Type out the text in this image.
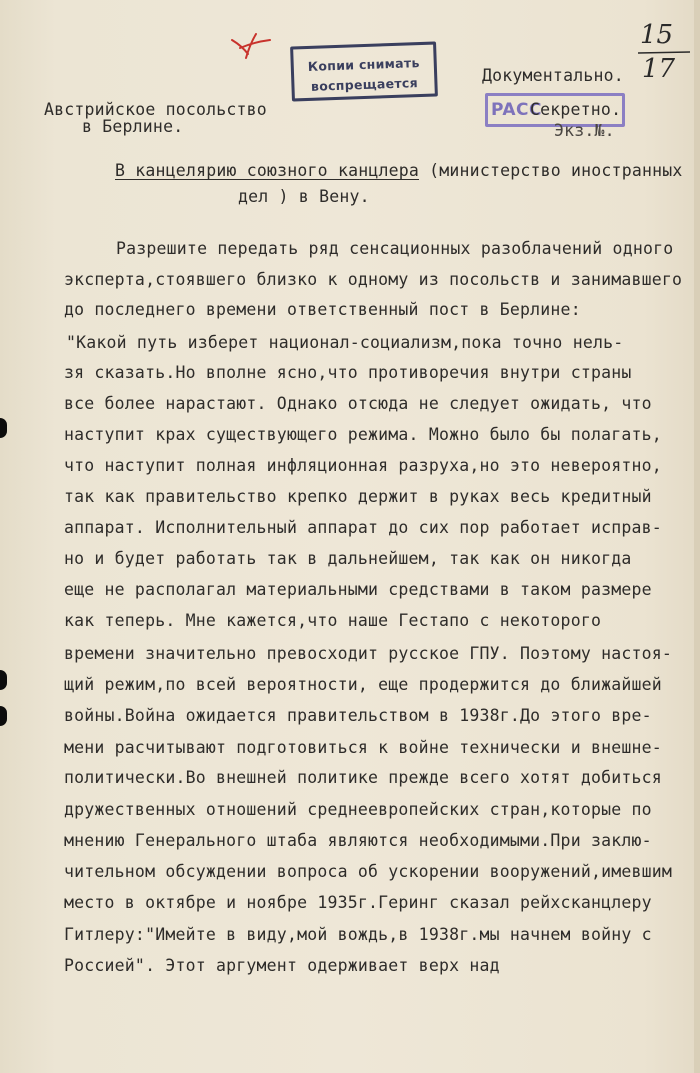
Копии снимать
воспрещается
Австрийское посольство
в Берлине.
Документально.
PACC
Секретно.
Экз.№.
15
17
В канцелярию союзного канцлера (министерство иностранных
дел ) в Вену.
Разрешите передать ряд сенсационных разоблачений одного
эксперта,стоявшего близко к одному из посольств и занимавшего
до последнего времени ответственный пост в Берлине:
"Какой путь изберет национал-социализм,пока точно нель-
зя сказать.Но вполне ясно,что противоречия внутри страны
все более нарастают. Однако отсюда не следует ожидать, что
наступит крах существующего режима. Можно было бы полагать,
что наступит полная инфляционная разруха,но это невероятно,
так как правительство крепко держит в руках весь кредитный
аппарат. Исполнительный аппарат до сих пор работает исправ-
но и будет работать так в дальнейшем, так как он никогда
еще не располагал материальными средствами в таком размере
как теперь. Мне кажется,что наше Гестапо с некоторого
времени значительно превосходит русское ГПУ. Поэтому настоя-
щий режим,по всей вероятности, еще продержится до ближайшей
войны.Война ожидается правительством в 1938г.До этого вре-
мени расчитывают подготовиться к войне технически и внешне-
политически.Во внешней политике прежде всего хотят добиться
дружественных отношений среднеевропейских стран,которые по
мнению Генерального штаба являются необходимыми.При заклю-
чительном обсуждении вопроса об ускорении вооружений,имевшим
место в октябре и ноябре 1935г.Геринг сказал рейхсканцлеру
Гитлеру:"Имейте в виду,мой вождь,в 1938г.мы начнем войну с
Россией". Этот аргумент одерживает верх над
